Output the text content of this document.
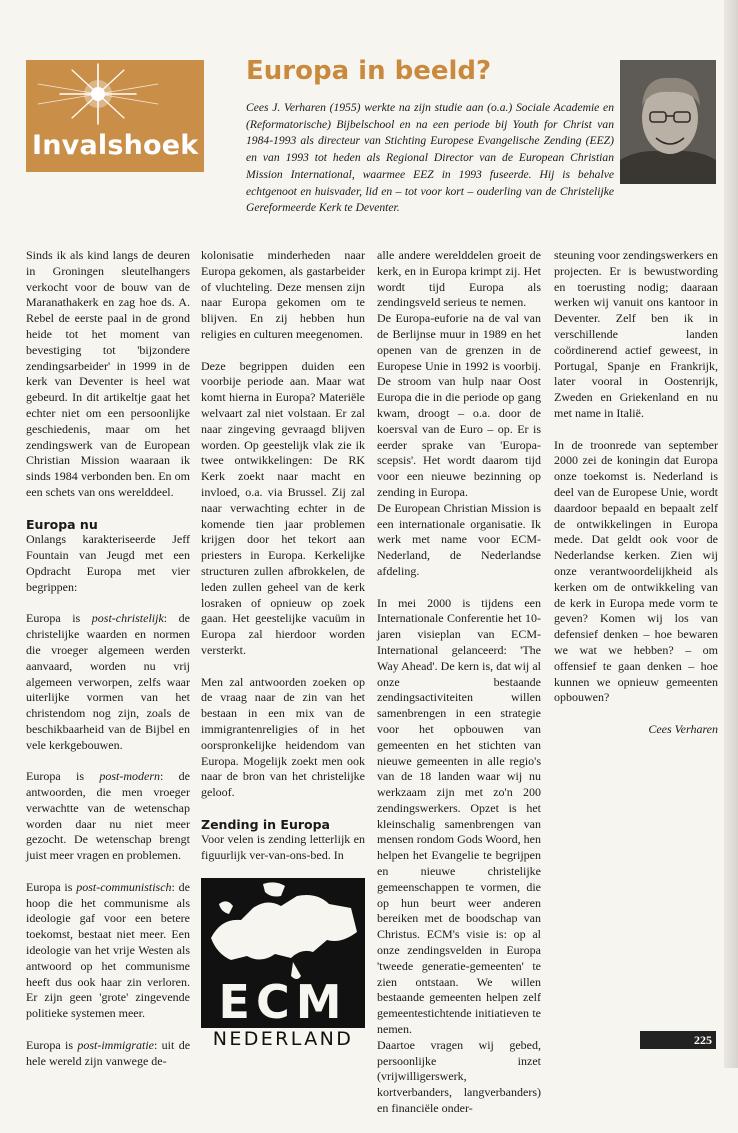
Invalshoek
Europa in beeld?

Cees J. Verharen (1955) werkte na zijn studie aan (o.a.) Sociale Academie en (Reformatorische) Bijbelschool en na een periode bij Youth for Christ van 1984-1993 als directeur van Stichting Europese Evangelische Zending (EEZ) en van 1993 tot heden als Regional Director van de European Christian Mission International, waarmee EEZ in 1993 fuseerde. Hij is behalve echtgenoot en huisvader, lid en – tot voor kort – ouderling van de Christelijke Gereformeerde Kerk te Deventer.

Sinds ik als kind langs de deuren in Groningen sleutelhangers verkocht voor de bouw van de Maranathakerk en zag hoe ds. A. Rebel de eerste paal in de grond heide tot het moment van bevestiging tot 'bijzondere zendingsarbeider' in 1999 in de kerk van Deventer is heel wat gebeurd. In dit artikeltje gaat het echter niet om een persoonlijke geschiedenis, maar om het zendingswerk van de European Christian Mission waaraan ik sinds 1984 verbonden ben. En om een schets van ons werelddeel.

Europa nu

Onlangs karakteriseerde Jeff Fountain van Jeugd met een Opdracht Europa met vier begrippen:

Europa is post-christelijk: de christelijke waarden en normen die vroeger algemeen werden aanvaard, worden nu vrij algemeen verworpen, zelfs waar uiterlijke vormen van het christendom nog zijn, zoals de beschikbaarheid van de Bijbel en vele kerkgebouwen.

Europa is post-modern: de antwoorden, die men vroeger verwachtte van de wetenschap worden daar nu niet meer gezocht. De wetenschap brengt juist meer vragen en problemen.

Europa is post-communistisch: de hoop die het communisme als ideologie gaf voor een betere toekomst, bestaat niet meer. Een ideologie van het vrije Westen als antwoord op het communisme heeft dus ook haar zin verloren. Er zijn geen 'grote' zingevende politieke systemen meer.

Europa is post-immigratie: uit de hele wereld zijn vanwege de-

kolonisatie minderheden naar Europa gekomen, als gastarbeider of vluchteling. Deze mensen zijn naar Europa gekomen om te blijven. En zij hebben hun religies en culturen meegenomen.

Deze begrippen duiden een voorbije periode aan. Maar wat komt hierna in Europa? Materiële welvaart zal niet volstaan. Er zal naar zingeving gevraagd blijven worden. Op geestelijk vlak zie ik twee ontwikkelingen: De RK Kerk zoekt naar macht en invloed, o.a. via Brussel. Zij zal naar verwachting echter in de komende tien jaar problemen krijgen door het tekort aan priesters in Europa. Kerkelijke structuren zullen afbrokkelen, de leden zullen geheel van de kerk losraken of opnieuw op zoek gaan. Het geestelijke vacuüm in Europa zal hierdoor worden versterkt.

Men zal antwoorden zoeken op de vraag naar de zin van het bestaan in een mix van de immigrantenreligies of in het oorspronkelijke heidendom van Europa. Mogelijk zoekt men ook naar de bron van het christelijke geloof.

Zending in Europa

Voor velen is zending letterlijk en figuurlijk ver-van-ons-bed. In

ECM
NEDERLAND

alle andere werelddelen groeit de kerk, en in Europa krimpt zij. Het wordt tijd Europa als zendingsveld serieus te nemen.

De Europa-euforie na de val van de Berlijnse muur in 1989 en het openen van de grenzen in de Europese Unie in 1992 is voorbij. De stroom van hulp naar Oost Europa die in die periode op gang kwam, droogt – o.a. door de koersval van de Euro – op. Er is eerder sprake van 'Europa-scepsis'. Het wordt daarom tijd voor een nieuwe bezinning op zending in Europa.

De European Christian Mission is een internationale organisatie. Ik werk met name voor ECM-Nederland, de Nederlandse afdeling.

In mei 2000 is tijdens een Internationale Conferentie het 10-jaren visieplan van ECM-International gelanceerd: 'The Way Ahead'. De kern is, dat wij al onze bestaande zendingsactiviteiten willen samenbrengen in een strategie voor het opbouwen van gemeenten en het stichten van nieuwe gemeenten in alle regio's van de 18 landen waar wij nu werkzaam zijn met zo'n 200 zendingswerkers. Opzet is het kleinschalig samenbrengen van mensen rondom Gods Woord, hen helpen het Evangelie te begrijpen en nieuwe christelijke gemeenschappen te vormen, die op hun beurt weer anderen bereiken met de boodschap van Christus. ECM's visie is: op al onze zendingsvelden in Europa 'tweede generatie-gemeenten' te zien ontstaan. We willen bestaande gemeenten helpen zelf gemeentestichtende initiatieven te nemen.

Daartoe vragen wij gebed, persoonlijke inzet (vrijwilligerswerk, kortverbanders, langverbanders) en financiële onder-

steuning voor zendingswerkers en projecten. Er is bewustwording en toerusting nodig; daaraan werken wij vanuit ons kantoor in Deventer. Zelf ben ik in verschillende landen coördinerend actief geweest, in Portugal, Spanje en Frankrijk, later vooral in Oostenrijk, Zweden en Griekenland en nu met name in Italië.

In de troonrede van september 2000 zei de koningin dat Europa onze toekomst is. Nederland is deel van de Europese Unie, wordt daardoor bepaald en bepaalt zelf de ontwikkelingen in Europa mede. Dat geldt ook voor de Nederlandse kerken. Zien wij onze verantwoordelijkheid als kerken om de ontwikkeling van de kerk in Europa mede vorm te geven? Komen wij los van defensief denken – hoe bewaren we wat we hebben? – om offensief te gaan denken – hoe kunnen we opnieuw gemeenten opbouwen?

Cees Verharen

225
